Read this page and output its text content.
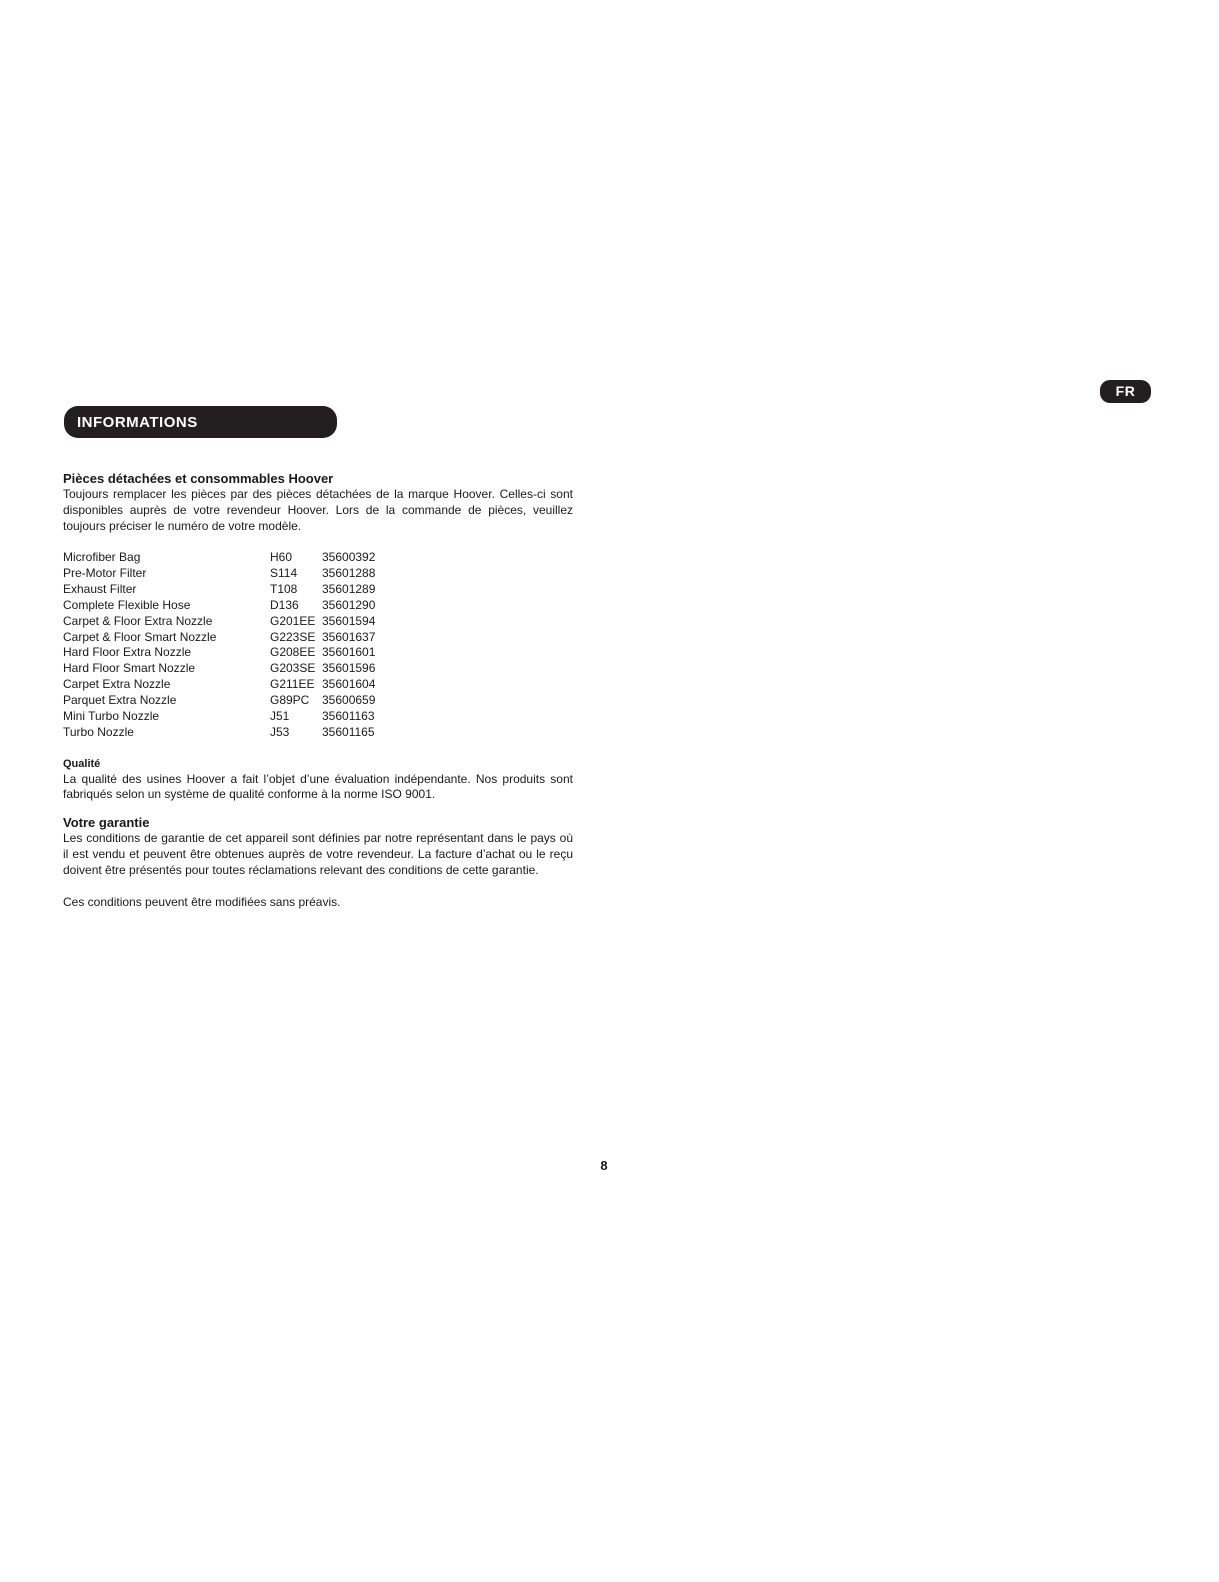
FR
INFORMATIONS IMPORTANTES
Pièces détachées et consommables Hoover

Toujours remplacer les pièces par des pièces détachées de la marque Hoover. Celles-ci sont disponibles auprès de votre revendeur Hoover. Lors de la commande de pièces, veuillez toujours préciser le numéro de votre modèle.

Microfiber Bag	H60	35600392
Pre-Motor Filter	S114	35601288
Exhaust Filter	T108	35601289
Complete Flexible Hose	D136	35601290
Carpet & Floor Extra Nozzle	G201EE 35601594
Carpet & Floor Smart Nozzle	G223SE 35601637
Hard Floor Extra Nozzle	G208EE 35601601
Hard Floor Smart Nozzle	G203SE 35601596
Carpet Extra Nozzle	G211EE 35601604
Parquet Extra Nozzle	G89PC	35600659
Mini Turbo Nozzle	J51	35601163
Turbo Nozzle	J53	35601165
Qualité

La qualité des usines Hoover a fait l’objet d’une évaluation indépendante. Nos produits sont fabriqués selon un système de qualité conforme à la norme ISO 9001.

Votre garantie

Les conditions de garantie de cet appareil sont définies par notre représentant dans le pays où il est vendu et peuvent être obtenues auprès de votre revendeur. La facture d’achat ou le reçu doivent être présentés pour toutes réclamations relevant des conditions de cette garantie.

Ces conditions peuvent être modifiées sans préavis.

8
